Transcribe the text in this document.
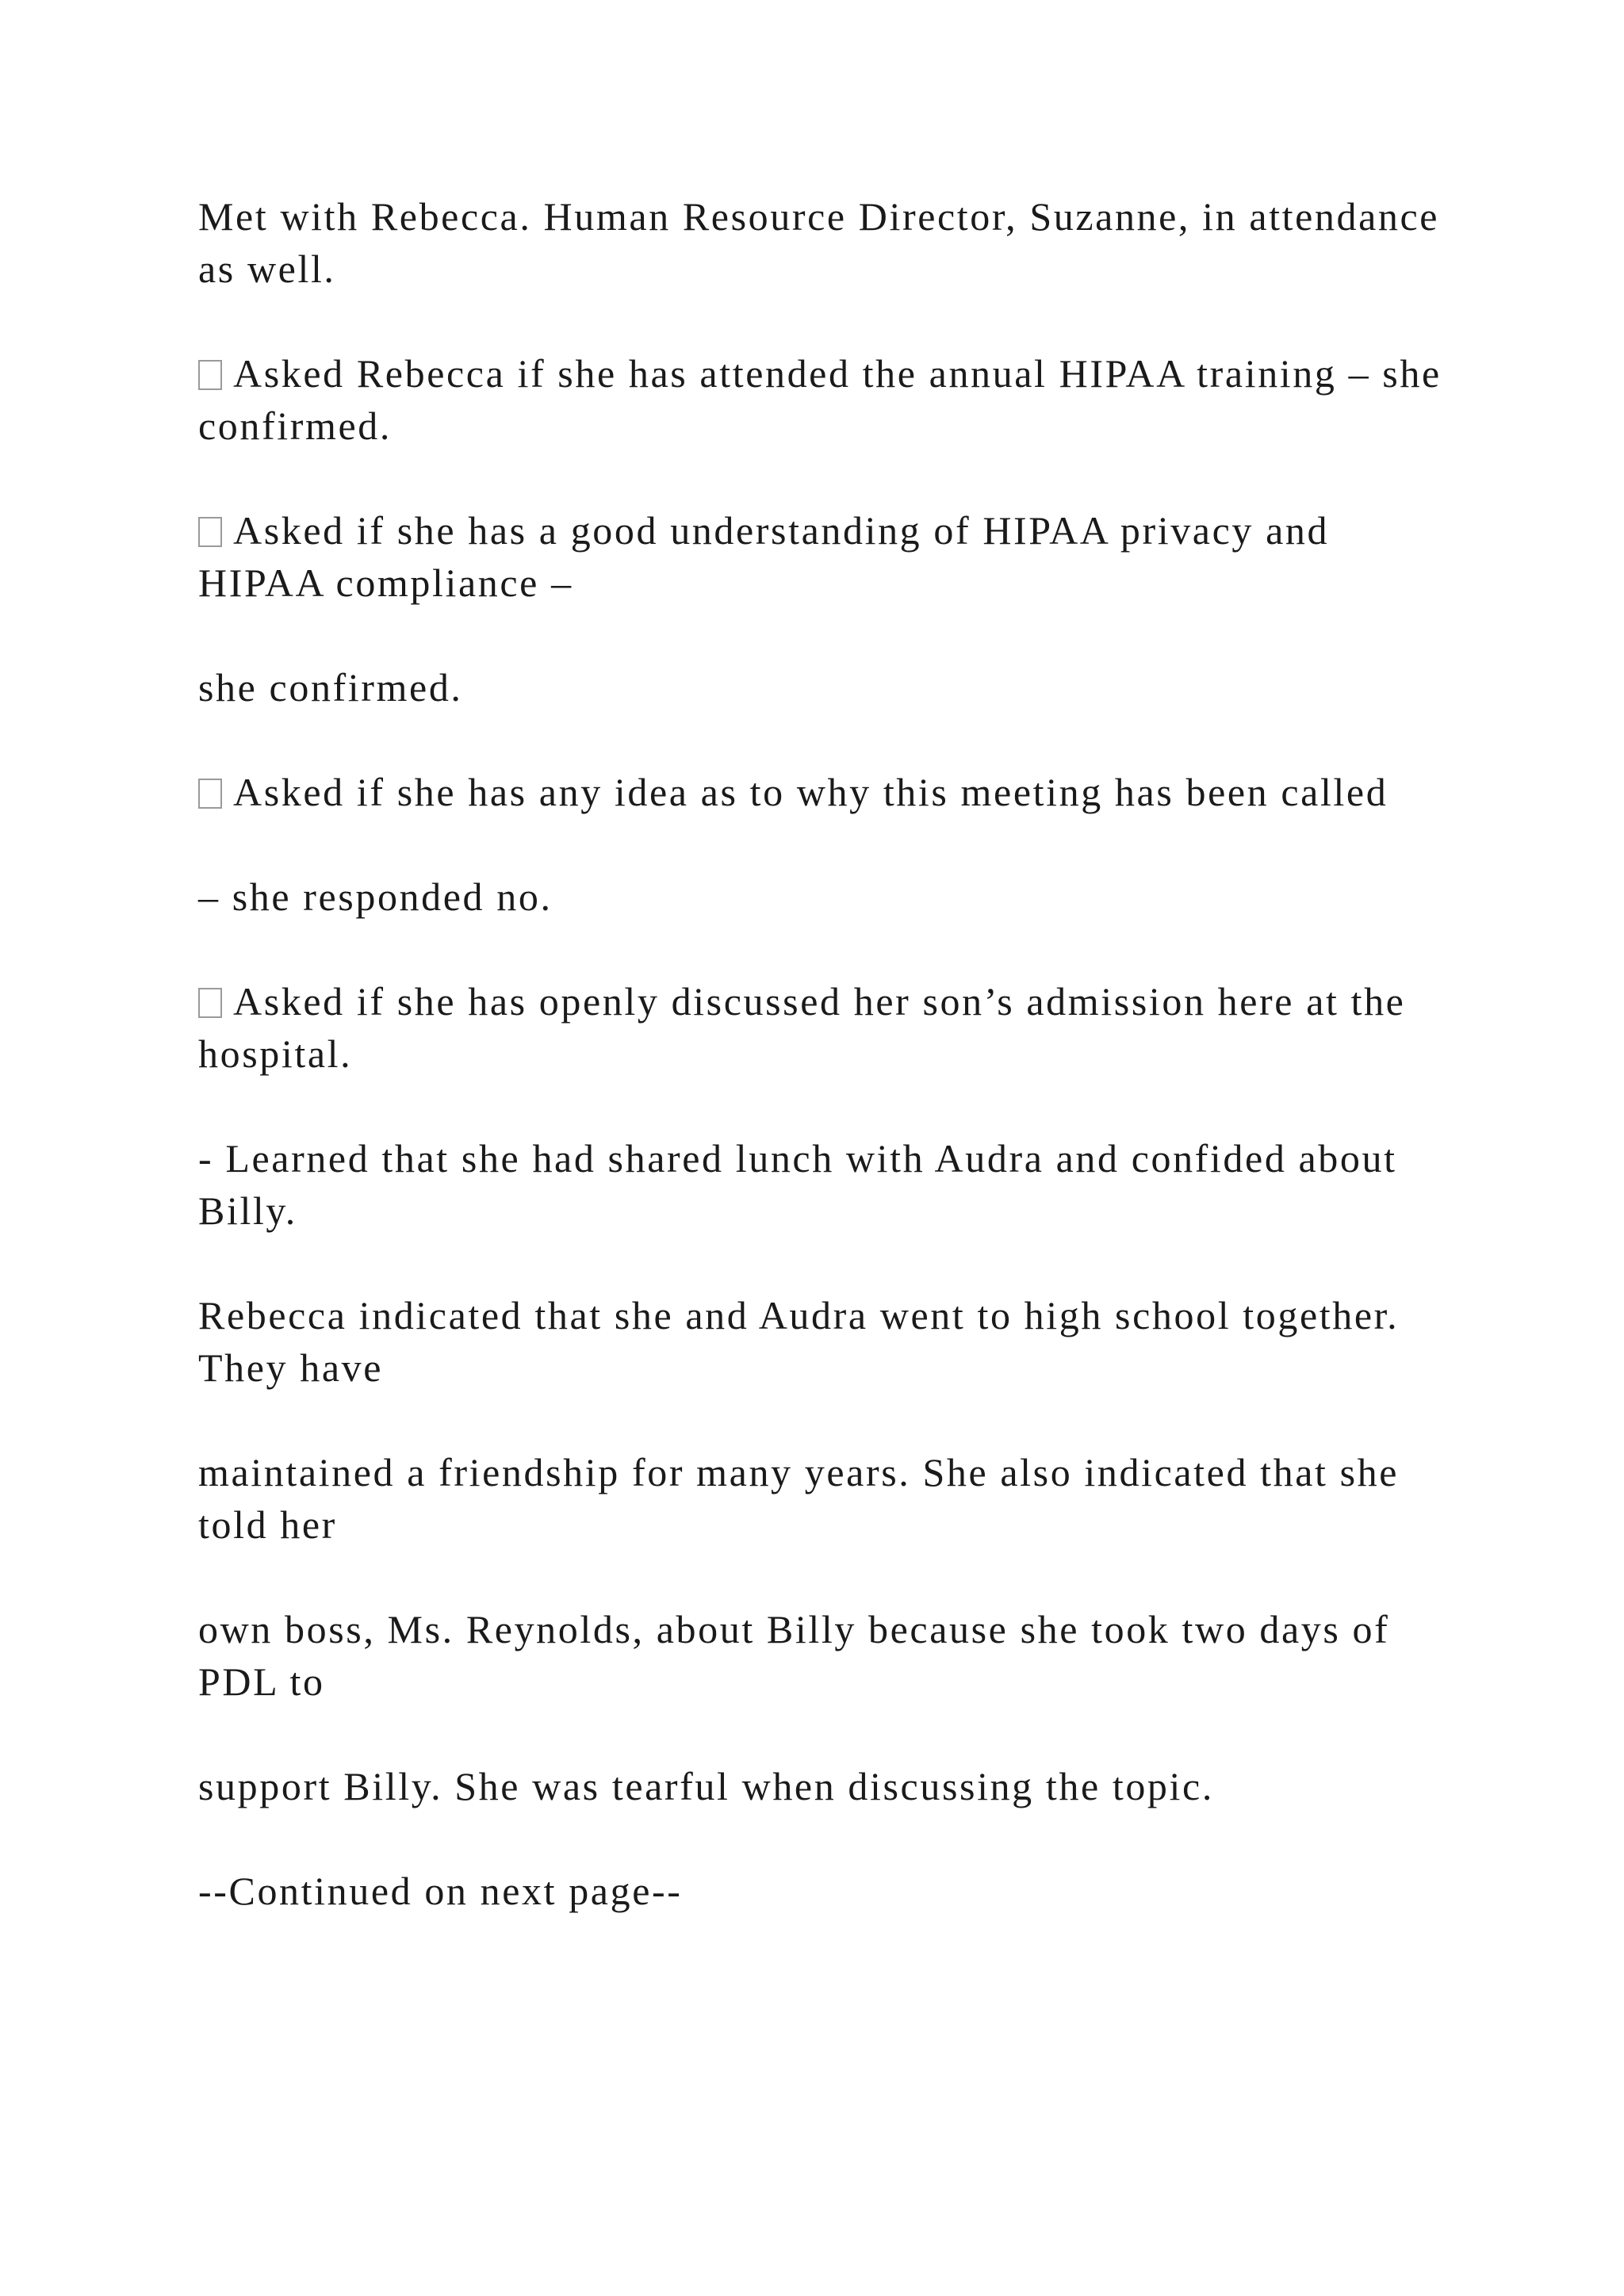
Met with Rebecca. Human Resource Director, Suzanne, in attendance as well.

Asked Rebecca if she has attended the annual HIPAA training – she confirmed.

Asked if she has a good understanding of HIPAA privacy and HIPAA compliance –

she confirmed.

Asked if she has any idea as to why this meeting has been called

– she responded no.

Asked if she has openly discussed her son’s admission here at the hospital.

- Learned that she had shared lunch with Audra and confided about Billy.

Rebecca indicated that she and Audra went to high school together. They have

maintained a friendship for many years. She also indicated that she told her

own boss, Ms. Reynolds, about Billy because she took two days of PDL to

support Billy. She was tearful when discussing the topic.

--Continued on next page--
